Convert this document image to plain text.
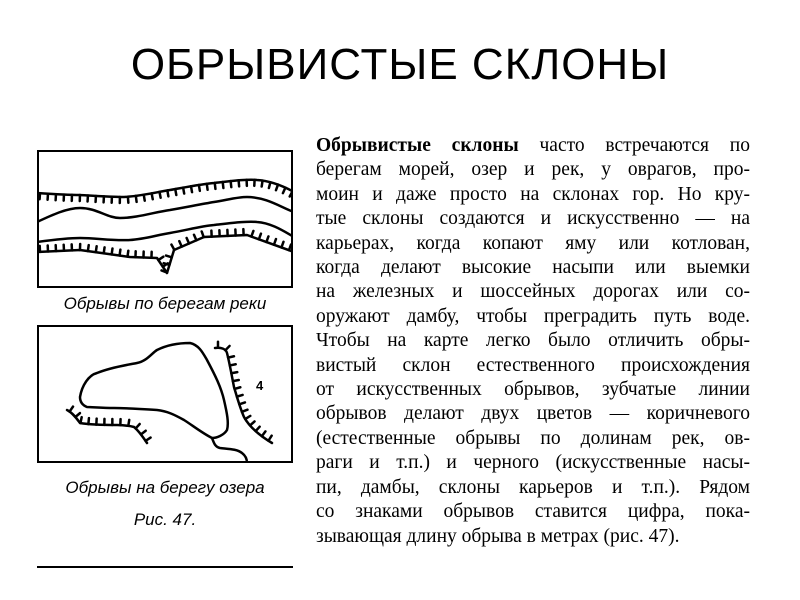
ОБРЫВИСТЫЕ СКЛОНЫ
Обрывы по берегам реки
4
Обрывы на берегу озера
Рис. 47.
Обрывистые склоны часто встречаются по
берегам морей, озер и рек, у оврагов, про-
моин и даже просто на склонах гор. Но кру-
тые склоны создаются и искусственно — на
карьерах, когда копают яму или котлован,
когда делают высокие насыпи или выемки
на железных и шоссейных дорогах или со-
оружают дамбу, чтобы преградить путь воде.
Чтобы на карте легко было отличить обры-
вистый склон естественного происхождения
от искусственных обрывов, зубчатые линии
обрывов делают двух цветов — коричневого
(естественные обрывы по долинам рек, ов-
раги и т.п.) и черного (искусственные насы-
пи, дамбы, склоны карьеров и т.п.). Рядом
со знаками обрывов ставится цифра, пока-
зывающая длину обрыва в метрах (рис. 47).
